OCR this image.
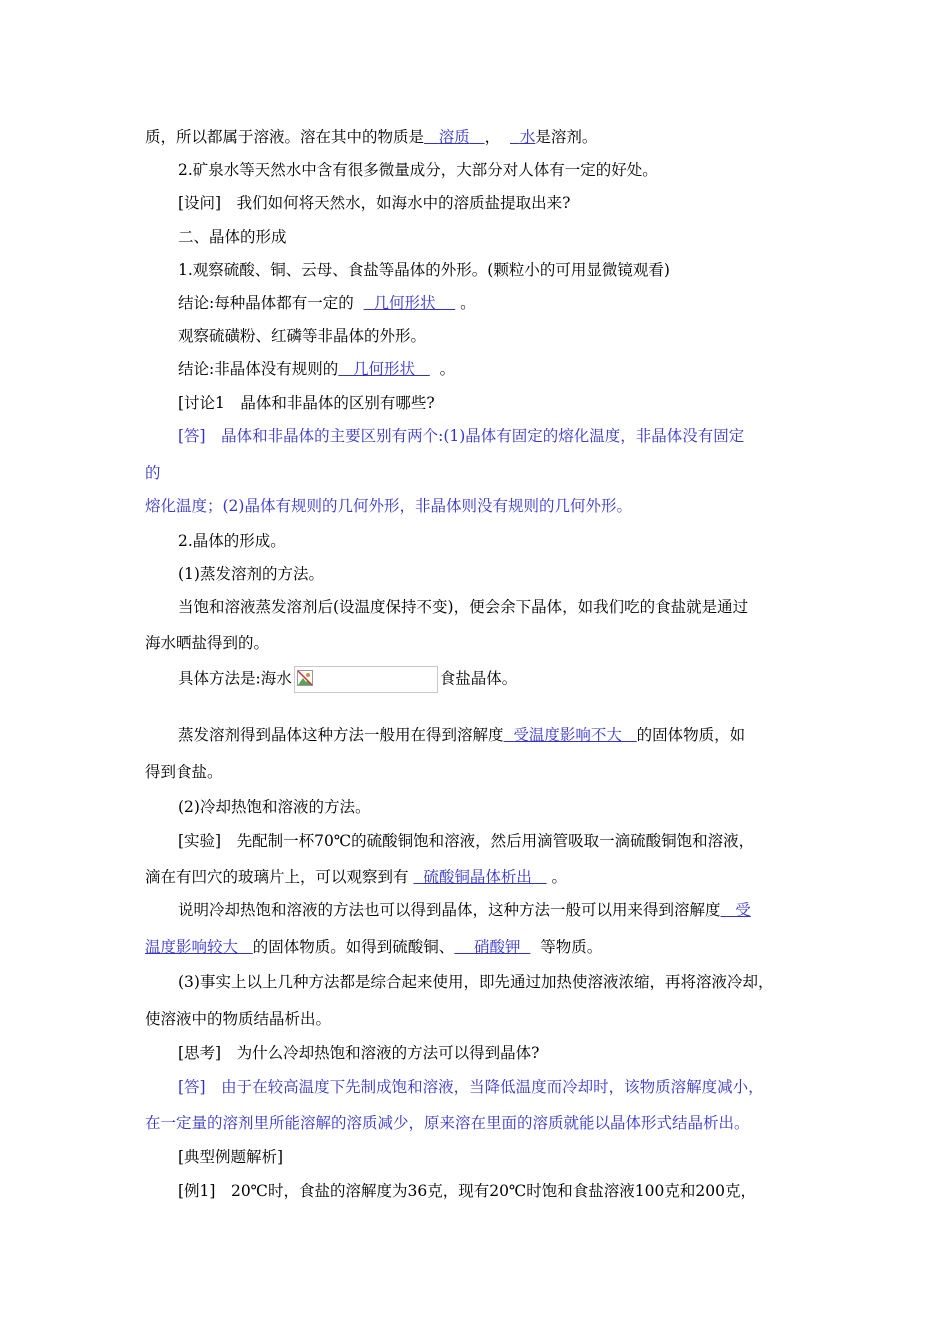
质，所以都属于溶液。溶在其中的物质是 溶质 ， 水是溶剂。
2.矿泉水等天然水中含有很多微量成分，大部分对人体有一定的好处。
[设问]　我们如何将天然水，如海水中的溶质盐提取出来?
二、晶体的形成
1.观察硫酸、铜、云母、食盐等晶体的外形。(颗粒小的可用显微镜观看)
结论:每种晶体都有一定的 几何形状 。
观察硫磺粉、红磷等非晶体的外形。
结论:非晶体没有规则的 几何形状 。
[讨论1　晶体和非晶体的区别有哪些?
[答]　晶体和非晶体的主要区别有两个:(1)晶体有固定的熔化温度，非晶体没有固定
的
熔化温度；(2)晶体有规则的几何外形，非晶体则没有规则的几何外形。
2.晶体的形成。
(1)蒸发溶剂的方法。
当饱和溶液蒸发溶剂后(设温度保持不变)，便会余下晶体，如我们吃的食盐就是通过
海水晒盐得到的。
具体方法是:海水	食盐晶体。
蒸发溶剂得到晶体这种方法一般用在得到溶解度 受温度影响不大 的固体物质，如
得到食盐。
(2)冷却热饱和溶液的方法。
[实验]　先配制一杯70℃的硫酸铜饱和溶液，然后用滴管吸取一滴硫酸铜饱和溶液，
滴在有凹穴的玻璃片上，可以观察到有 硫酸铜晶体析出 。
说明冷却热饱和溶液的方法也可以得到晶体，这种方法一般可以用来得到溶解度 受
温度影响较大 的固体物质。如得到硫酸铜、 硝酸钾 等物质。
(3)事实上以上几种方法都是综合起来使用，即先通过加热使溶液浓缩，再将溶液冷却，
使溶液中的物质结晶析出。
[思考]　为什么冷却热饱和溶液的方法可以得到晶体?
[答]　由于在较高温度下先制成饱和溶液，当降低温度而冷却时，该物质溶解度减小，
在一定量的溶剂里所能溶解的溶质减少，原来溶在里面的溶质就能以晶体形式结晶析出。
[典型例题解析]
[例1]　20℃时，食盐的溶解度为36克，现有20℃时饱和食盐溶液100克和200克，
